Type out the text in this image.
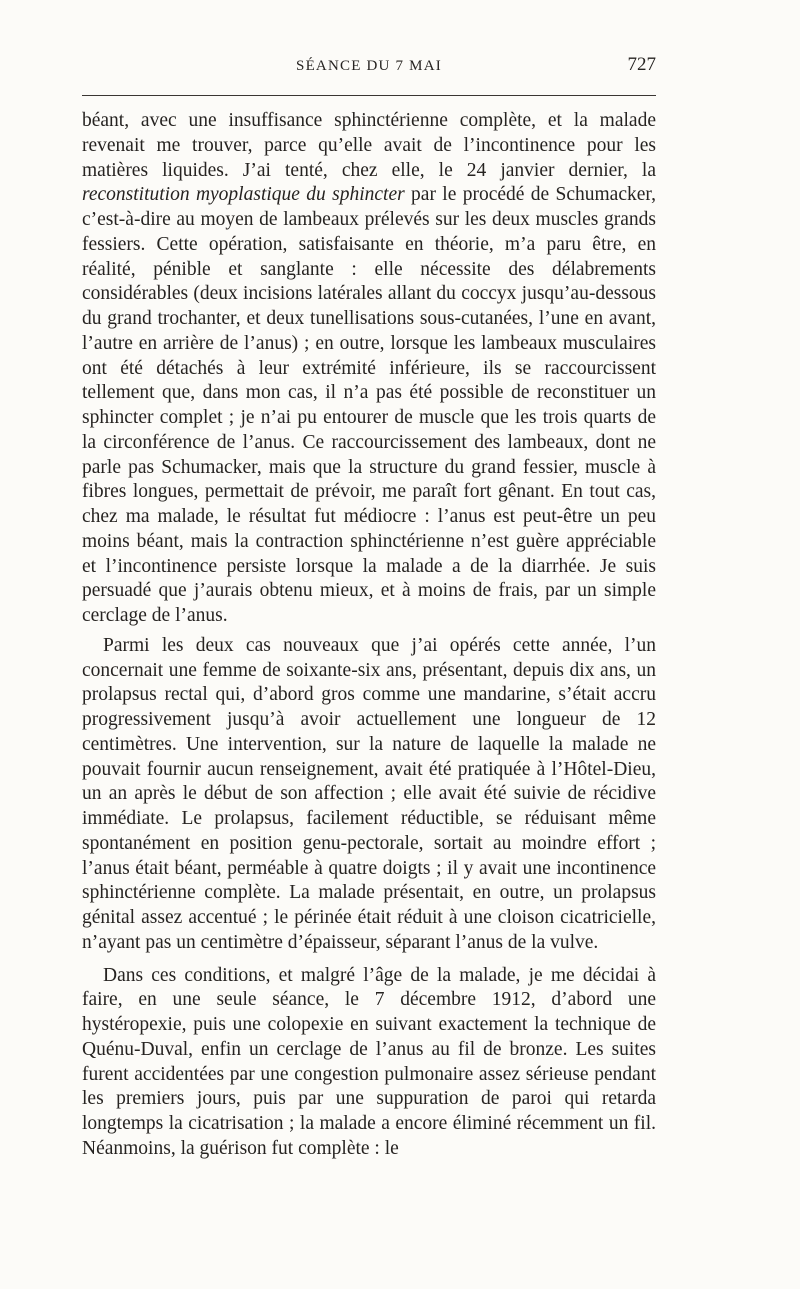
SÉANCE DU 7 MAI	727

béant, avec une insuffisance sphinctérienne complète, et la malade revenait me trouver, parce qu’elle avait de l’incontinence pour les matières liquides. J’ai tenté, chez elle, le 24 janvier dernier, la reconstitution myoplastique du sphincter par le procédé de Schumacker, c’est-à-dire au moyen de lambeaux prélevés sur les deux muscles grands fessiers. Cette opération, satisfaisante en théorie, m’a paru être, en réalité, pénible et sanglante : elle nécessite des délabrements considérables (deux incisions latérales allant du coccyx jusqu’au-dessous du grand trochanter, et deux tunellisations sous-cutanées, l’une en avant, l’autre en arrière de l’anus) ; en outre, lorsque les lambeaux musculaires ont été détachés à leur extrémité inférieure, ils se raccourcissent tellement que, dans mon cas, il n’a pas été possible de reconstituer un sphincter complet ; je n’ai pu entourer de muscle que les trois quarts de la circonférence de l’anus. Ce raccourcissement des lambeaux, dont ne parle pas Schumacker, mais que la structure du grand fessier, muscle à fibres longues, permettait de prévoir, me paraît fort gênant. En tout cas, chez ma malade, le résultat fut médiocre : l’anus est peut-être un peu moins béant, mais la contraction sphinctérienne n’est guère appréciable et l’incontinence persiste lorsque la malade a de la diarrhée. Je suis persuadé que j’aurais obtenu mieux, et à moins de frais, par un simple cerclage de l’anus.

Parmi les deux cas nouveaux que j’ai opérés cette année, l’un concernait une femme de soixante-six ans, présentant, depuis dix ans, un prolapsus rectal qui, d’abord gros comme une mandarine, s’était accru progressivement jusqu’à avoir actuellement une longueur de 12 centimètres. Une intervention, sur la nature de laquelle la malade ne pouvait fournir aucun renseignement, avait été pratiquée à l’Hôtel-Dieu, un an après le début de son affection ; elle avait été suivie de récidive immédiate. Le prolapsus, facilement réductible, se réduisant même spontanément en position genu-pectorale, sortait au moindre effort ; l’anus était béant, perméable à quatre doigts ; il y avait une incontinence sphinctérienne complète. La malade présentait, en outre, un prolapsus génital assez accentué ; le périnée était réduit à une cloison cicatricielle, n’ayant pas un centimètre d’épaisseur, séparant l’anus de la vulve.

Dans ces conditions, et malgré l’âge de la malade, je me décidai à faire, en une seule séance, le 7 décembre 1912, d’abord une hystéropexie, puis une colopexie en suivant exactement la technique de Quénu-Duval, enfin un cerclage de l’anus au fil de bronze. Les suites furent accidentées par une congestion pulmonaire assez sérieuse pendant les premiers jours, puis par une suppuration de paroi qui retarda longtemps la cicatrisation ; la malade a encore éliminé récemment un fil. Néanmoins, la guérison fut complète : le
